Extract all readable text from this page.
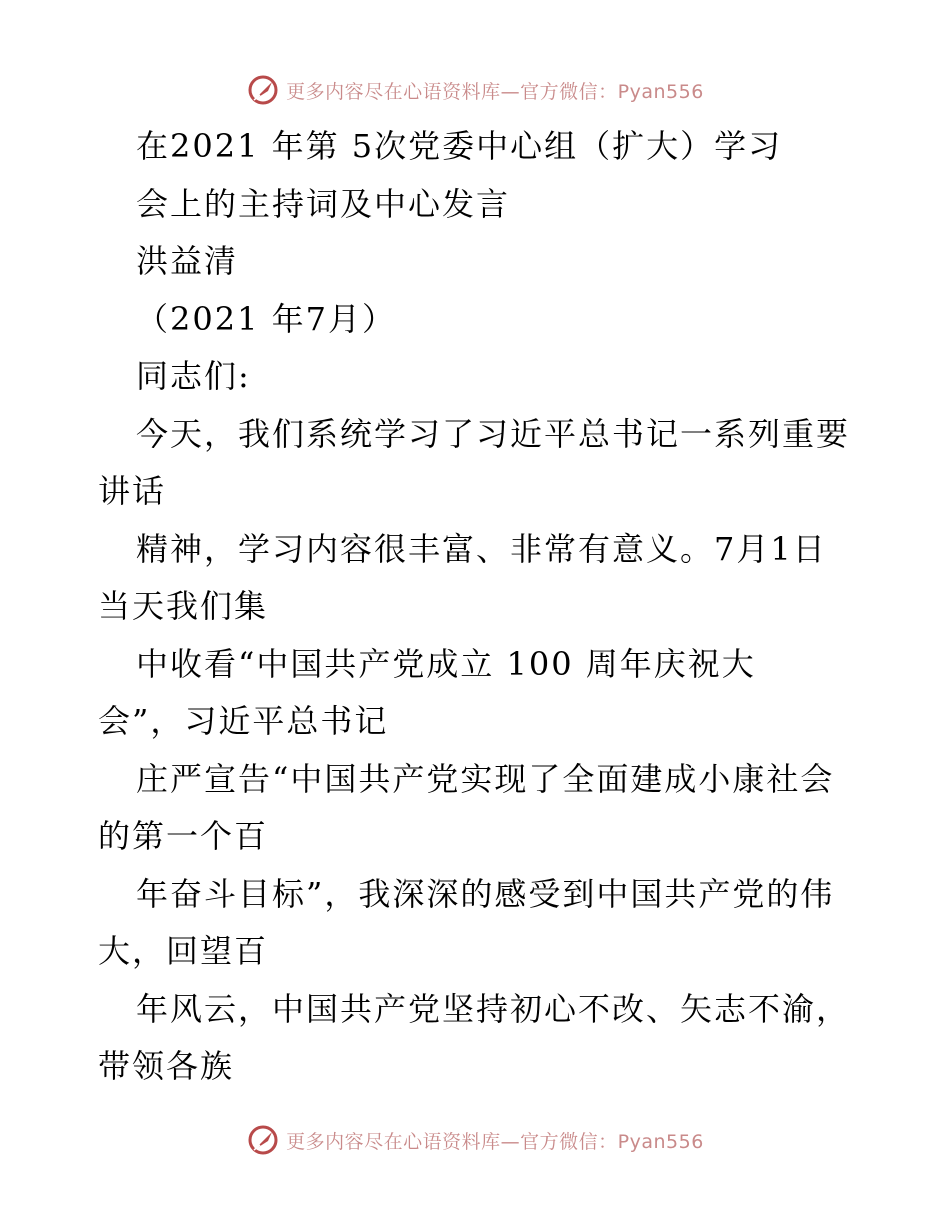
更多内容尽在心语资料库—官方微信：Pyan556
在2021 年第 5次党委中心组（扩大）学习
会上的主持词及中心发言
洪益清
（2021 年7月）
同志们:
今天，我们系统学习了习近平总书记一系列重要
讲话
精神，学习内容很丰富、非常有意义。7月1日
当天我们集
中收看“中国共产党成立 100 周年庆祝大
会”，习近平总书记
庄严宣告“中国共产党实现了全面建成小康社会
的第一个百
年奋斗目标”，我深深的感受到中国共产党的伟
大，回望百
年风云，中国共产党坚持初心不改、矢志不渝，
带领各族
更多内容尽在心语资料库—官方微信：Pyan556
